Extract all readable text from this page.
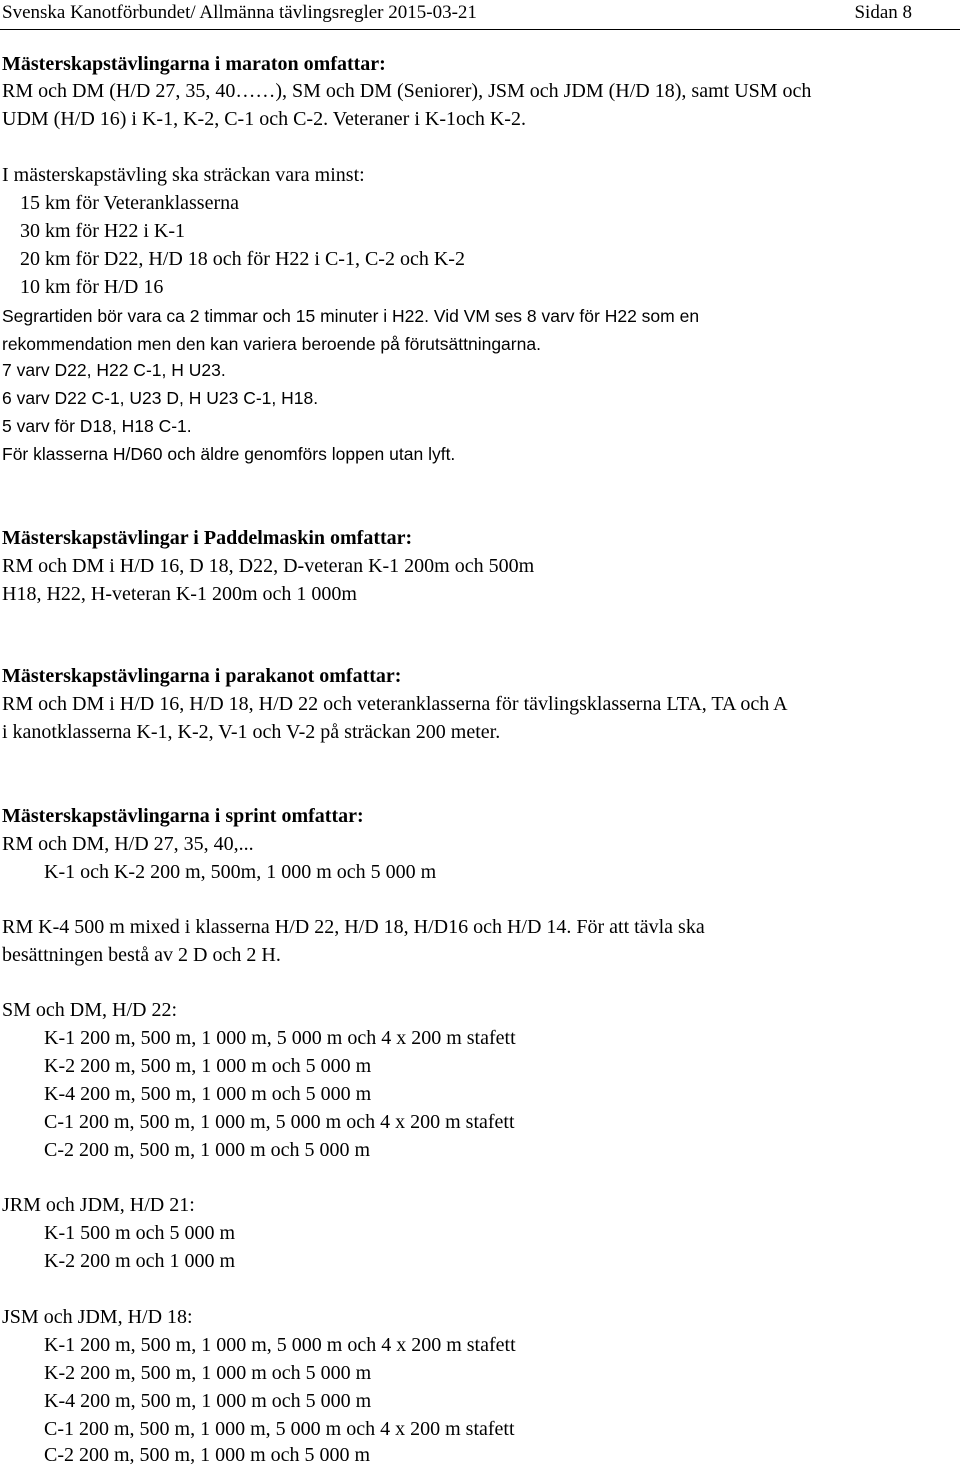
Svenska Kanotförbundet/ Allmänna tävlingsregler 2015-03-21	Sidan 8
Mästerskapstävlingarna i maraton omfattar:
RM och DM (H/D 27, 35, 40……), SM och DM (Seniorer), JSM och JDM (H/D 18), samt USM och
UDM (H/D 16) i K-1, K-2, C-1 och C-2. Veteraner i K-1och K-2.
I mästerskapstävling ska sträckan vara minst:
15 km för Veteranklasserna
30 km för H22 i K-1
20 km för D22, H/D 18 och för H22 i C-1, C-2 och K-2
10 km för H/D 16
Segrartiden bör vara ca 2 timmar och 15 minuter i H22. Vid VM ses 8 varv för H22 som en
rekommendation men den kan variera beroende på förutsättningarna.
7 varv D22, H22 C-1, H U23.
6 varv D22 C-1, U23 D, H U23 C-1, H18.
5 varv för D18, H18 C-1.
För klasserna H/D60 och äldre genomförs loppen utan lyft.
Mästerskapstävlingar i Paddelmaskin omfattar:
RM och DM i H/D 16, D 18, D22, D-veteran K-1 200m och 500m
H18, H22, H-veteran K-1 200m och 1 000m
Mästerskapstävlingarna i parakanot omfattar:
RM och DM i H/D 16, H/D 18, H/D 22 och veteranklasserna för tävlingsklasserna LTA, TA och A
i kanotklasserna K-1, K-2, V-1 och V-2 på sträckan 200 meter.
Mästerskapstävlingarna i sprint omfattar:
RM och DM, H/D 27, 35, 40,...
K-1 och K-2 200 m, 500m, 1 000 m och 5 000 m
RM K-4 500 m mixed i klasserna H/D 22, H/D 18, H/D16 och H/D 14. För att tävla ska
besättningen bestå av 2 D och 2 H.
SM och DM, H/D 22:
K-1 200 m, 500 m, 1 000 m, 5 000 m och 4 x 200 m stafett
K-2 200 m, 500 m, 1 000 m och 5 000 m
K-4 200 m, 500 m, 1 000 m och 5 000 m
C-1 200 m, 500 m, 1 000 m, 5 000 m och 4 x 200 m stafett
C-2 200 m, 500 m, 1 000 m och 5 000 m
JRM och JDM, H/D 21:
K-1 500 m och 5 000 m
K-2 200 m och 1 000 m
JSM och JDM, H/D 18:
K-1 200 m, 500 m, 1 000 m, 5 000 m och 4 x 200 m stafett
K-2 200 m, 500 m, 1 000 m och 5 000 m
K-4 200 m, 500 m, 1 000 m och 5 000 m
C-1 200 m, 500 m, 1 000 m, 5 000 m och 4 x 200 m stafett
C-2 200 m, 500 m, 1 000 m och 5 000 m
